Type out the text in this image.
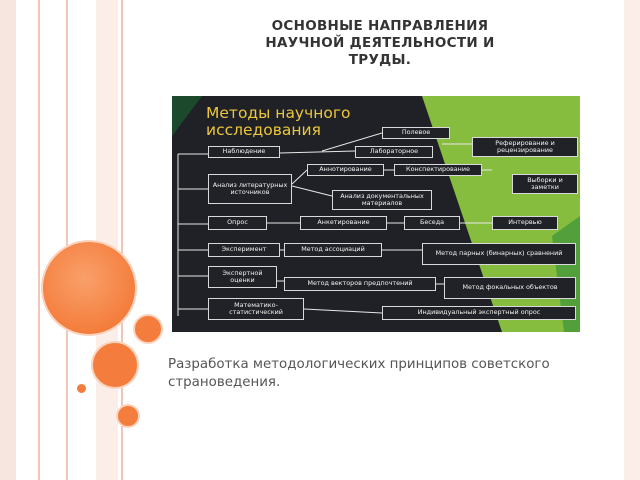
ОСНОВНЫЕ НАПРАВЛЕНИЯ НАУЧНОЙ ДЕЯТЕЛЬНОСТИ И ТРУДЫ.
Методы научного исследования	Полевое
Наблюдение	Лабораторное
Реферирование и рецензирование
Аннотирование	Конспектирование
Анализ литературных источников
Выборки и заметки
Анализ документальных материалов
Опрос	Анкетирование	Беседа	Интервью
Эксперимент	Метод ассоциаций	Метод парных (бинарных) сравнений
Экспертной оценки	Метод векторов предпочтений	Метод фокальных объектов
Математико-статистический	Индивидуальный экспертный опрос
Разработка методологических принципов советского страноведения.
